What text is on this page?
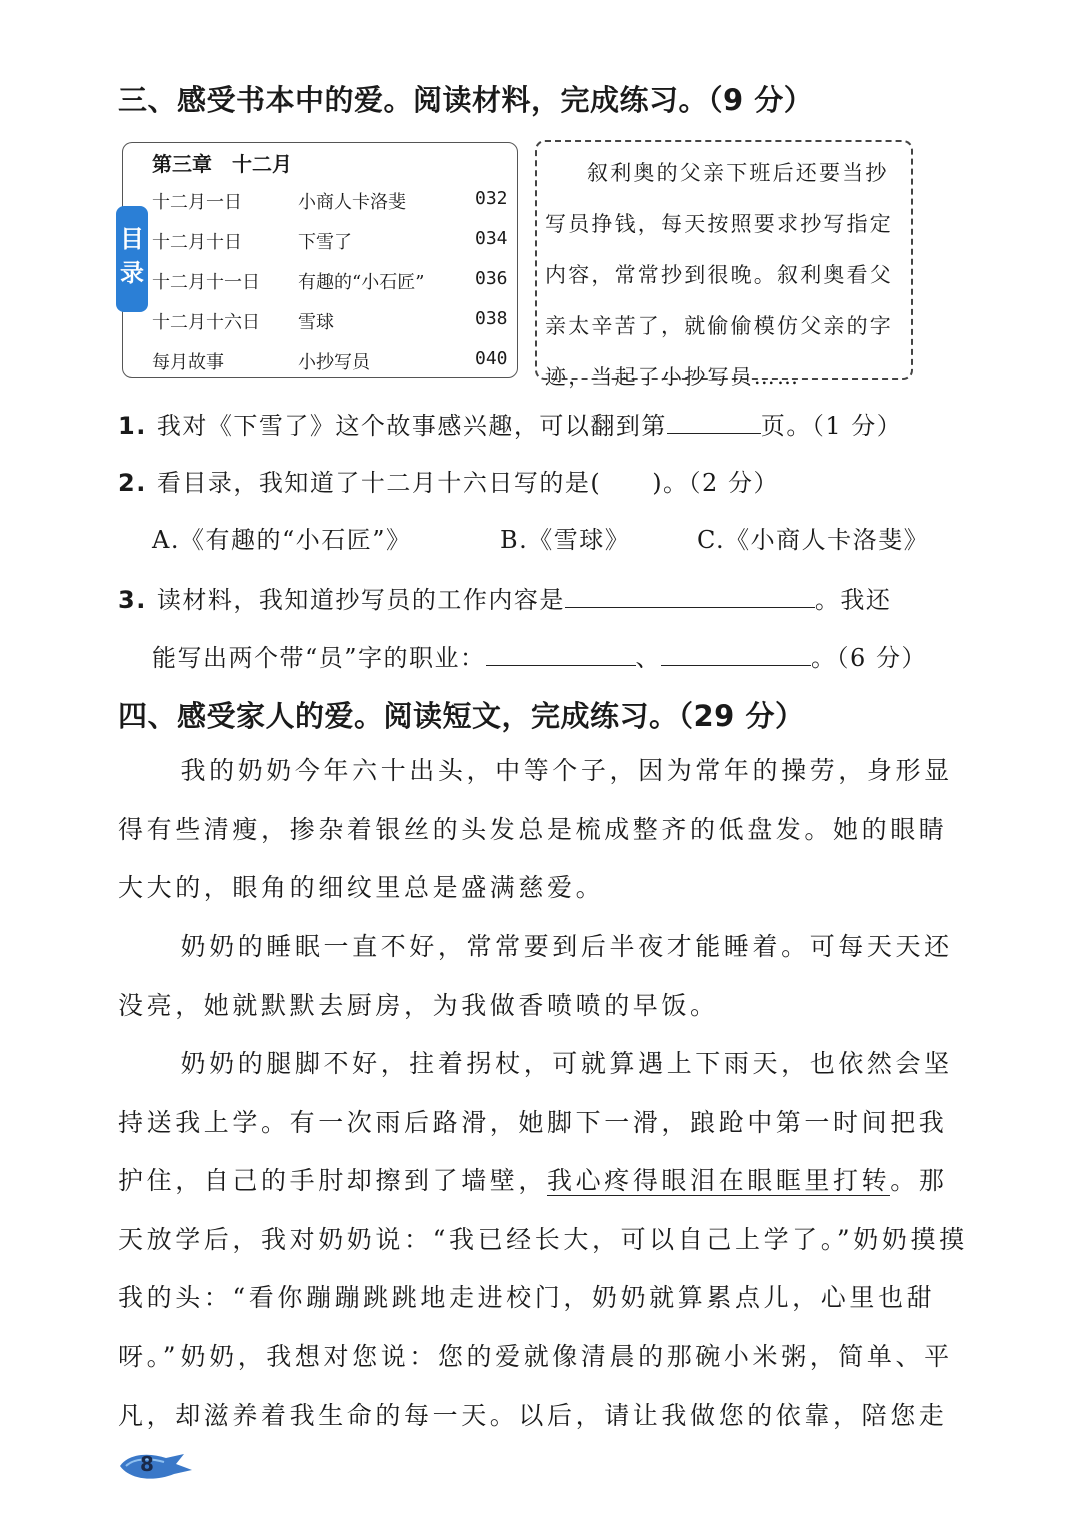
三、感受书本中的爱。阅读材料，完成练习。（9 分）
目录
第三章　十二月
十二月一日	小商人卡洛斐	032
十二月十日	下雪了	034
十二月十一日 有趣的“小石匠”	036
十二月十六日 雪球	038
每月故事	小抄写员	040

叙利奥的父亲下班后还要当抄写员挣钱，每天按照要求抄写指定内容，常常抄到很晚。叙利奥看父亲太辛苦了，就偷偷模仿父亲的字迹，当起了小抄写员……

1. 我对《下雪了》这个故事感兴趣，可以翻到第	页。（1 分）
2. 看目录，我知道了十二月十六日写的是(　　)。（2 分）
A.《有趣的“小石匠”》	B.《雪球》	C.《小商人卡洛斐》
3. 读材料，我知道抄写员的工作内容是	。我还
能写出两个带“员”字的职业：	、	。（6 分）
四、感受家人的爱。阅读短文，完成练习。（29 分）

我的奶奶今年六十出头，中等个子，因为常年的操劳，身形显得有些清瘦，掺杂着银丝的头发总是梳成整齐的低盘发。她的眼睛大大的，眼角的细纹里总是盛满慈爱。

奶奶的睡眠一直不好，常常要到后半夜才能睡着。可每天天还没亮，她就默默去厨房，为我做香喷喷的早饭。

奶奶的腿脚不好，拄着拐杖，可就算遇上下雨天，也依然会坚持送我上学。有一次雨后路滑，她脚下一滑，踉跄中第一时间把我护住，自己的手肘却擦到了墙壁，我心疼得眼泪在眼眶里打转。那天放学后，我对奶奶说：“我已经长大，可以自己上学了。”奶奶摸摸我的头：“看你蹦蹦跳跳地走进校门，奶奶就算累点儿，心里也甜呀。” 奶奶，我想对您说：您的爱就像清晨的那碗小米粥，简单、平凡，却滋养着我生命的每一天。以后，请让我做您的依靠，陪您走

8
